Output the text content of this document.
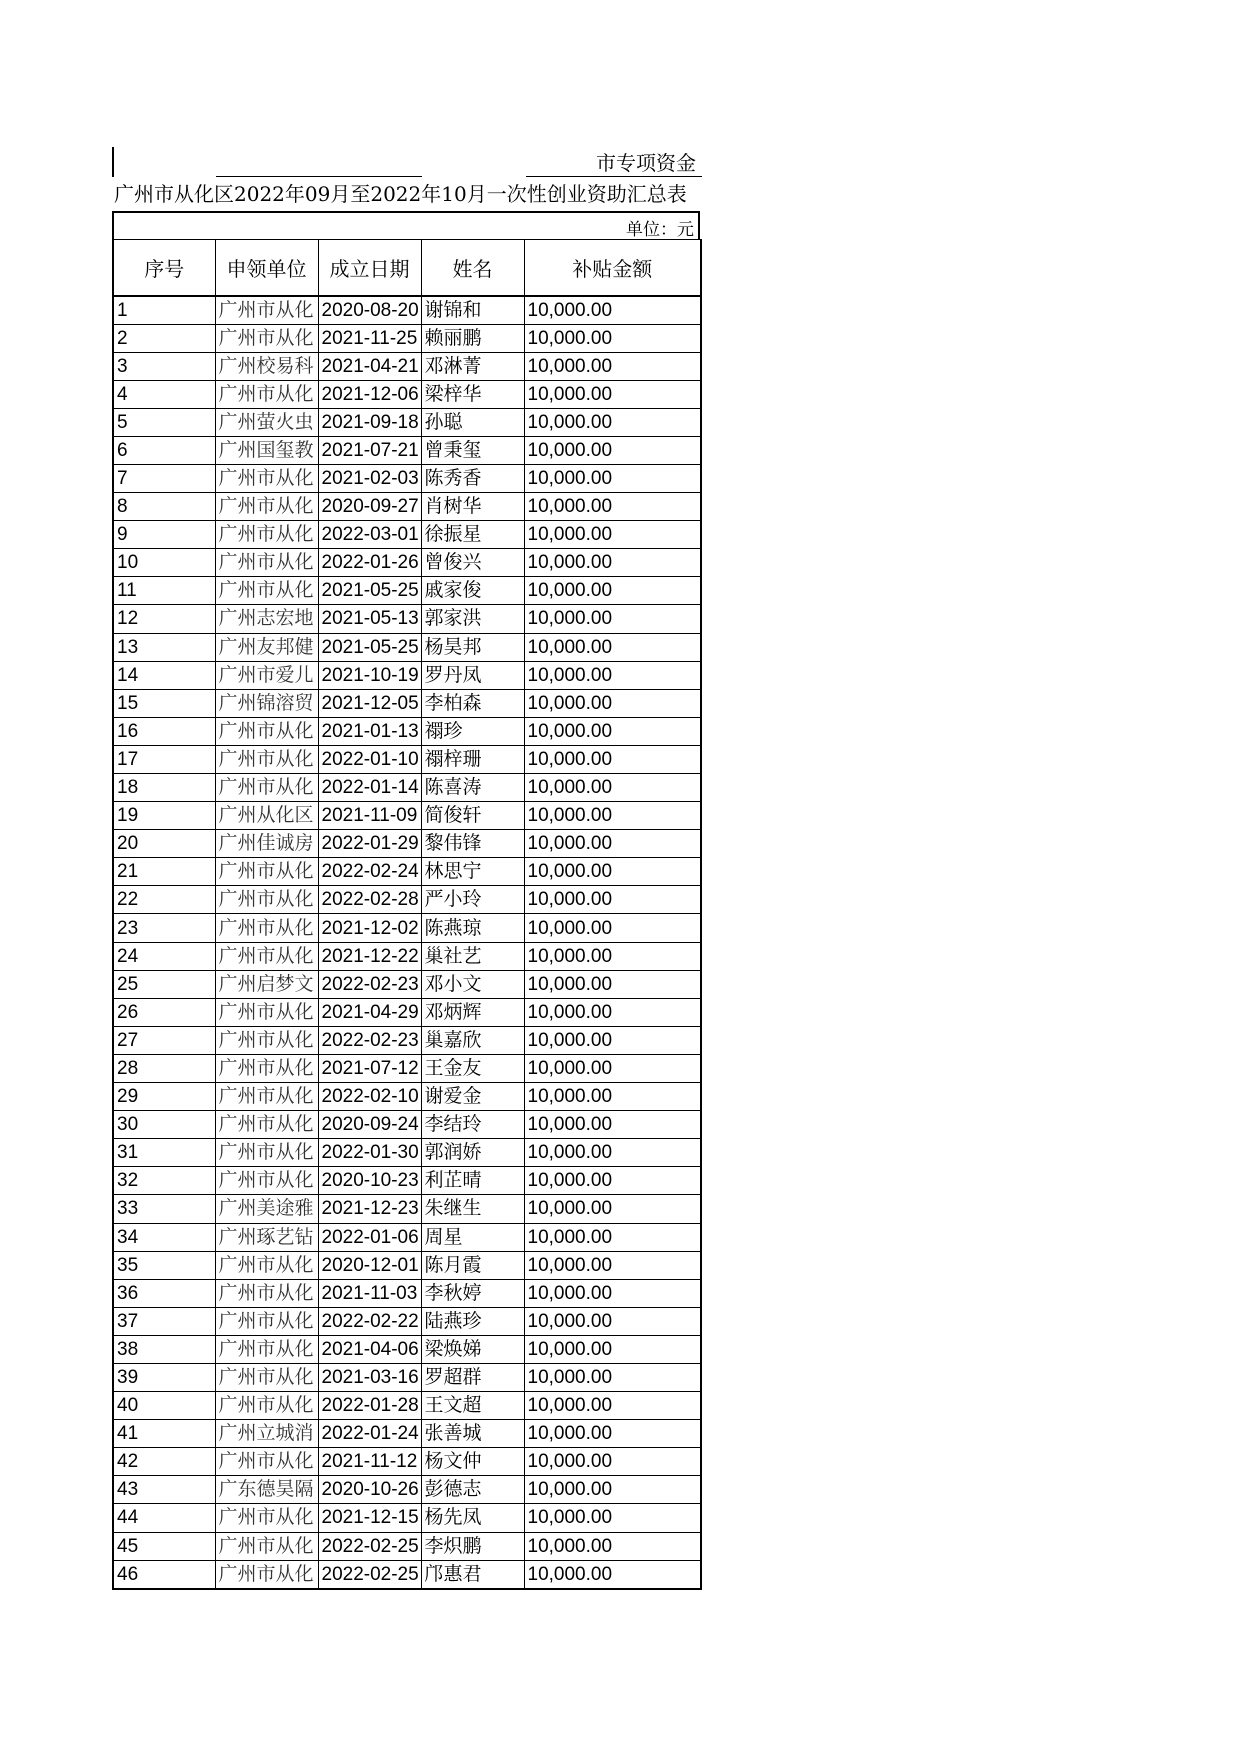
市专项资金
广州市从化区2022年09月至2022年10月一次性创业资助汇总表
单位：元
序号	申领单位	成立日期	姓名	补贴金额
1	广州市从化	2020-08-20	谢锦和	10,000.00
2	广州市从化	2021-11-25	赖丽鹏	10,000.00
3	广州校易科	2021-04-21	邓淋菁	10,000.00
4	广州市从化	2021-12-06	梁梓华	10,000.00
5	广州萤火虫	2021-09-18	孙聪	10,000.00
6	广州国玺教	2021-07-21	曾秉玺	10,000.00
7	广州市从化	2021-02-03	陈秀香	10,000.00
8	广州市从化	2020-09-27	肖树华	10,000.00
9	广州市从化	2022-03-01	徐振星	10,000.00
10	广州市从化	2022-01-26	曾俊兴	10,000.00
11	广州市从化	2021-05-25	戚家俊	10,000.00
12	广州志宏地	2021-05-13	郭家洪	10,000.00
13	广州友邦健	2021-05-25	杨昊邦	10,000.00
14	广州市爱儿	2021-10-19	罗丹凤	10,000.00
15	广州锦溶贸	2021-12-05	李柏森	10,000.00
16	广州市从化	2021-01-13	禤珍	10,000.00
17	广州市从化	2022-01-10	禤梓珊	10,000.00
18	广州市从化	2022-01-14	陈喜涛	10,000.00
19	广州从化区	2021-11-09	简俊轩	10,000.00
20	广州佳诚房	2022-01-29	黎伟锋	10,000.00
21	广州市从化	2022-02-24	林思宁	10,000.00
22	广州市从化	2022-02-28	严小玲	10,000.00
23	广州市从化	2021-12-02	陈燕琼	10,000.00
24	广州市从化	2021-12-22	巢社艺	10,000.00
25	广州启梦文	2022-02-23	邓小文	10,000.00
26	广州市从化	2021-04-29	邓炳辉	10,000.00
27	广州市从化	2022-02-23	巢嘉欣	10,000.00
28	广州市从化	2021-07-12	王金友	10,000.00
29	广州市从化	2022-02-10	谢爱金	10,000.00
30	广州市从化	2020-09-24	李结玲	10,000.00
31	广州市从化	2022-01-30	郭润娇	10,000.00
32	广州市从化	2020-10-23	利芷晴	10,000.00
33	广州美途雅	2021-12-23	朱继生	10,000.00
34	广州琢艺钻	2022-01-06	周星	10,000.00
35	广州市从化	2020-12-01	陈月霞	10,000.00
36	广州市从化	2021-11-03	李秋婷	10,000.00
37	广州市从化	2022-02-22	陆燕珍	10,000.00
38	广州市从化	2021-04-06	梁焕娣	10,000.00
39	广州市从化	2021-03-16	罗超群	10,000.00
40	广州市从化	2022-01-28	王文超	10,000.00
41	广州立城消	2022-01-24	张善城	10,000.00
42	广州市从化	2021-11-12	杨文仲	10,000.00
43	广东德昊隔	2020-10-26	彭德志	10,000.00
44	广州市从化	2021-12-15	杨先凤	10,000.00
45	广州市从化	2022-02-25	李炽鹏	10,000.00
46	广州市从化	2022-02-25	邝惠君	10,000.00
